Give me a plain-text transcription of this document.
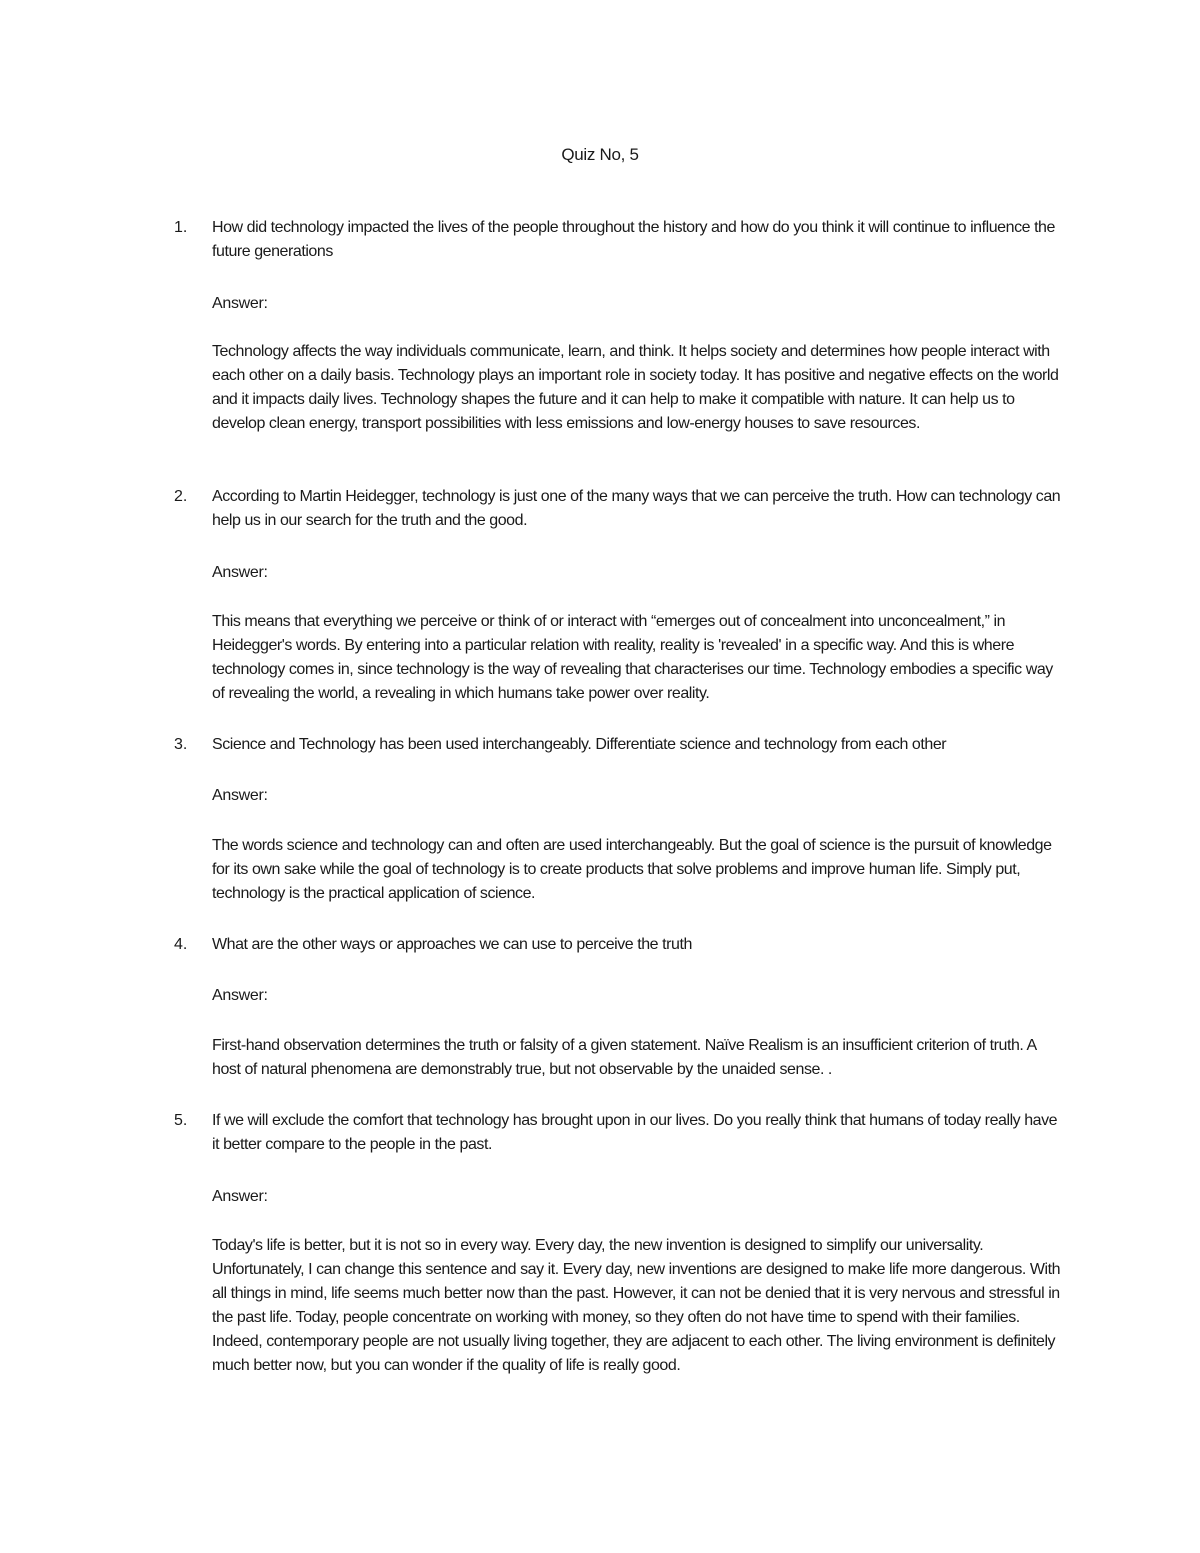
Quiz No, 5
1. How did technology impacted the lives of the people throughout the history and how do you think it will continue to influence the future generations

Answer:

Technology affects the way individuals communicate, learn, and think. It helps society and determines how people interact with each other on a daily basis. Technology plays an important role in society today. It has positive and negative effects on the world and it impacts daily lives. Technology shapes the future and it can help to make it compatible with nature. It can help us to develop clean energy, transport possibilities with less emissions and low-energy houses to save resources.

2. According to Martin Heidegger, technology is just one of the many ways that we can perceive the truth. How can technology can help us in our search for the truth and the good.

Answer:

This means that everything we perceive or think of or interact with “emerges out of concealment into unconcealment,” in Heidegger's words. By entering into a particular relation with reality, reality is 'revealed' in a specific way. And this is where technology comes in, since technology is the way of revealing that characterises our time. Technology embodies a specific way of revealing the world, a revealing in which humans take power over reality.

3. Science and Technology has been used interchangeably. Differentiate science and technology from each other

Answer:

The words science and technology can and often are used interchangeably. But the goal of science is the pursuit of knowledge for its own sake while the goal of technology is to create products that solve problems and improve human life. Simply put, technology is the practical application of science.

4. What are the other ways or approaches we can use to perceive the truth

Answer:

First-hand observation determines the truth or falsity of a given statement. Naïve Realism is an insufficient criterion of truth. A host of natural phenomena are demonstrably true, but not observable by the unaided sense. .

5. If we will exclude the comfort that technology has brought upon in our lives. Do you really think that humans of today really have it better compare to the people in the past.

Answer:

Today's life is better, but it is not so in every way. Every day, the new invention is designed to simplify our universality. Unfortunately, I can change this sentence and say it. Every day, new inventions are designed to make life more dangerous. With all things in mind, life seems much better now than the past. However, it can not be denied that it is very nervous and stressful in the past life. Today, people concentrate on working with money, so they often do not have time to spend with their families. Indeed, contemporary people are not usually living together, they are adjacent to each other. The living environment is definitely much better now, but you can wonder if the quality of life is really good.
